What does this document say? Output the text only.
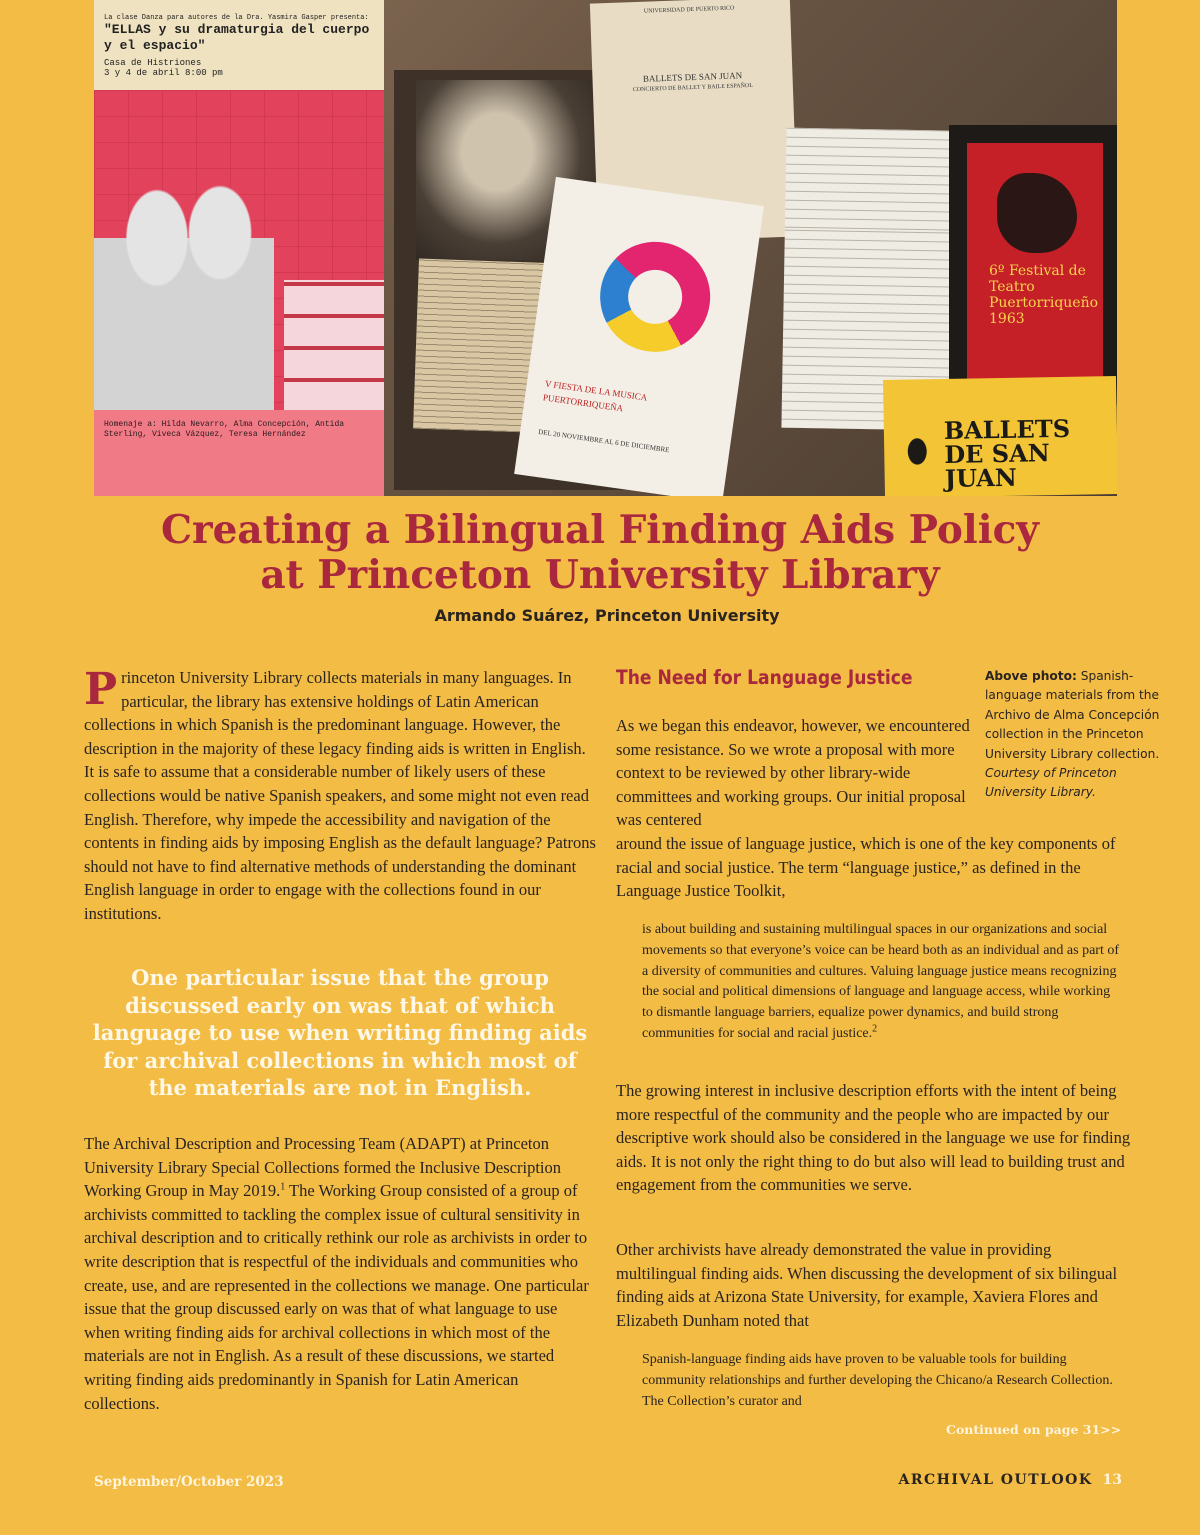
La clase Danza para autores de la Dra. Yasmira Gasper presenta:
"ELLAS y su dramaturgia del cuerpo y el espacio"
Casa de Histriones
3 y 4 de abril 8:00 pm
Homenaje a: Hilda Nevarro, Alma Concepción, Antida Sterling, Viveca Vázquez, Teresa Hernández
UNIVERSIDAD DE PUERTO RICO
BALLETS DE SAN JUAN
CONCIERTO DE BALLET Y BAILE ESPAÑOL
V FIESTA DE LA MUSICA PUERTORRIQUEÑA
DEL 20 NOVIEMBRE AL 6 DE DICIEMBRE
6º Festival de Teatro Puertorriqueño 1963
BALLETS DE SAN JUAN
Creating a Bilingual Finding Aids Policy
at Princeton University Library
Armando Suárez, Princeton University

Princeton University Library collects materials in many languages. In particular, the library has extensive holdings of Latin American collections in which Spanish is the predominant language. However, the description in the majority of these legacy finding aids is written in English. It is safe to assume that a considerable number of likely users of these collections would be native Spanish speakers, and some might not even read English. Therefore, why impede the accessibility and navigation of the contents in finding aids by imposing English as the default language? Patrons should not have to find alternative methods of understanding the dominant English language in order to engage with the collections found in our institutions.

One particular issue that the group discussed early on was that of which language to use when writing finding aids for archival collections in which most of the materials are not in English.

The Archival Description and Processing Team (ADAPT) at Princeton University Library Special Collections formed the Inclusive Description Working Group in May 2019.$^1$ The Working Group consisted of a group of archivists committed to tackling the complex issue of cultural sensitivity in archival description and to critically rethink our role as archivists in order to write description that is respectful of the individuals and communities who create, use, and are represented in the collections we manage. One particular issue that the group discussed early on was that of what language to use when writing finding aids for archival collections in which most of the materials are not in English. As a result of these discussions, we started writing finding aids predominantly in Spanish for Latin American collections.

The Need for Language Justice	Above photo: Spanish-language materials from the Archivo de Alma Concepción collection in the Princeton University Library collection. Courtesy of Princeton University Library.
As we began this endeavor, however, we encountered some resistance. So we wrote a proposal with more context to be reviewed by other library-wide committees and working groups. Our initial proposal was centered
around the issue of language justice, which is one of the key components of racial and social justice. The term “language justice,” as defined in the Language Justice Toolkit,
is about building and sustaining multilingual spaces in our organizations and social movements so that everyone’s voice can be heard both as an individual and as part of a diversity of communities and cultures. Valuing language justice means recognizing the social and political dimensions of language and language access, while working to dismantle language barriers, equalize power dynamics, and build strong communities for social and racial justice.$^2$
The growing interest in inclusive description efforts with the intent of being more respectful of the community and the people who are impacted by our descriptive work should also be considered in the language we use for finding aids. It is not only the right thing to do but also will lead to building trust and engagement from the communities we serve.
Other archivists have already demonstrated the value in providing multilingual finding aids. When discussing the development of six bilingual finding aids at Arizona State University, for example, Xaviera Flores and Elizabeth Dunham noted that
Spanish-language finding aids have proven to be valuable tools for building community relationships and further developing the Chicano/a Research Collection. The Collection’s curator and
Continued on page 31>>
September/October 2023	ARCHIVAL OUTLOOK 13
